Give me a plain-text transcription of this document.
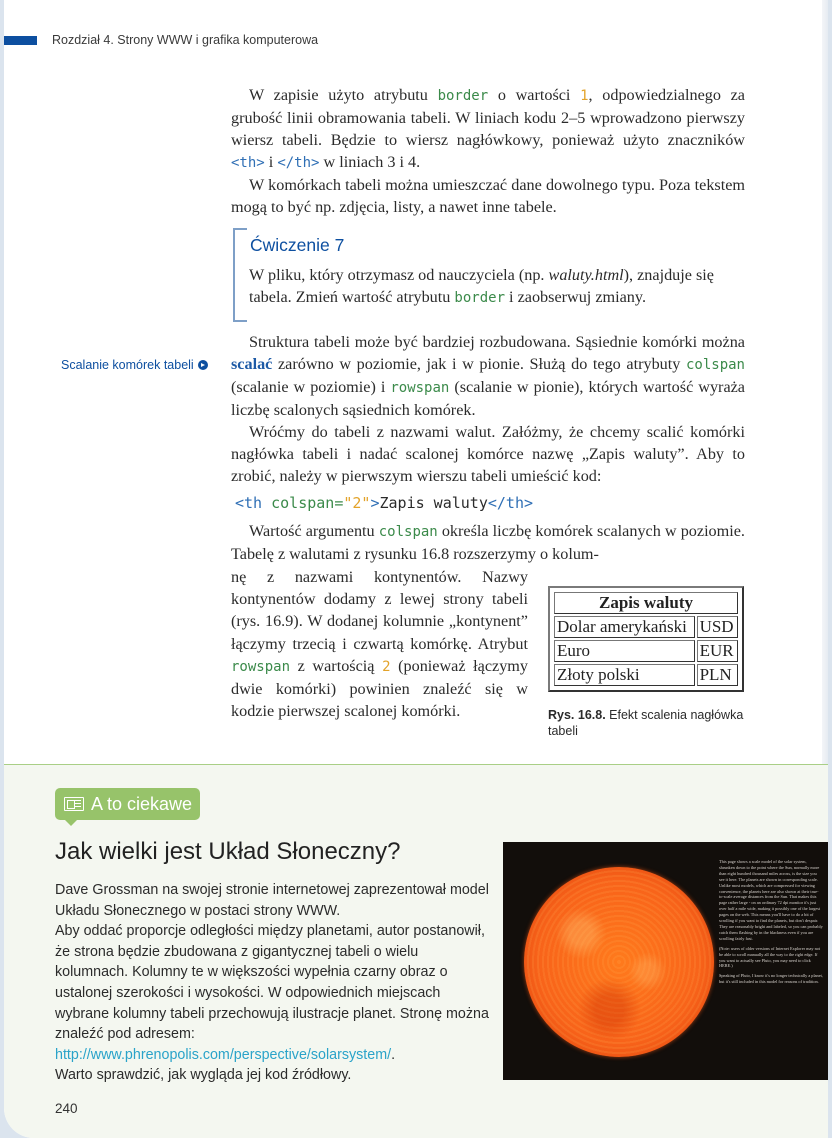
Rozdział 4. Strony WWW i grafika komputerowa

W zapisie użyto atrybutu border o wartości 1, odpowiedzialnego za grubość linii obramowania tabeli. W liniach kodu 2–5 wprowadzono pierwszy wiersz tabeli. Będzie to wiersz nagłówkowy, ponieważ użyto znaczników <th> i </th> w liniach 3 i 4.

W komórkach tabeli można umieszczać dane dowolnego typu. Poza tekstem mogą to być np. zdjęcia, listy, a nawet inne tabele.

Ćwiczenie 7
W pliku, który otrzymasz od nauczyciela (np. waluty.html), znajduje się tabela. Zmień wartość atrybutu border i zaobserwuj zmiany.
Scalanie komórek tabeli

Struktura tabeli może być bardziej rozbudowana. Sąsiednie komórki można scalać zarówno w poziomie, jak i w pionie. Służą do tego atrybuty colspan (scalanie w poziomie) i rowspan (scalanie w pionie), których wartość wyraża liczbę scalonych sąsiednich komórek.

Wróćmy do tabeli z nazwami walut. Załóżmy, że chcemy scalić komórki nagłówka tabeli i nadać scalonej komórce nazwę „Zapis waluty”. Aby to zrobić, należy w pierwszym wierszu tabeli umieścić kod:

<th colspan="2">Zapis waluty</th>

Wartość argumentu colspan określa liczbę komórek scalanych w poziomie. Tabelę z walutami z rysunku 16.8 rozszerzymy o kolum-

nę z nazwami kontynentów. Nazwy kontynentów dodamy z lewej strony tabeli (rys. 16.9). W dodanej kolumnie „kontynent” łączymy trzecią i czwartą komórkę. Atrybut rowspan z wartością 2 (ponieważ łączymy dwie komórki) powinien znaleźć się w kodzie pierwszej scalonej komórki.
Zapis waluty	
Dolar amerykański	USD
Euro	EUR
Złoty polski	PLN
Rys. 16.8. Efekt scalenia nagłówka tabeli
A to ciekawe
Jak wielki jest Układ Słoneczny?
Dave Grossman na swojej stronie internetowej zaprezentował model Układu Słonecznego w postaci strony WWW.
Aby oddać proporcje odległości między planetami, autor postanowił, że strona będzie zbudowana z gigantycznej tabeli o wielu kolumnach. Kolumny te w większości wypełnia czarny obraz o ustalonej szerokości i wysokości. W odpowiednich miejscach wybrane kolumny tabeli przechowują ilustracje planet. Stronę można znaleźć pod adresem:
http://www.phrenopolis.com/perspective/solarsystem/.
Warto sprawdzić, jak wygląda jej kod źródłowy.

This page shows a scale model of the solar system, shrunken down to the point where the Sun, normally more than eight hundred thousand miles across, is the size you see it here. The planets are shown in corresponding scale. Unlike most models, which are compressed for viewing convenience, the planets here are also shown at their true-to-scale average distances from the Sun. That makes this page rather large - on an ordinary 72 dpi monitor it's just over half a mile wide, making it possibly one of the largest pages on the web. This means you'll have to do a bit of scrolling if you want to find the planets, but don't despair. They are reasonably bright and labeled, so you can probably catch them flashing by in the blackness even if you are scrolling fairly fast.

(Note: users of older versions of Internet Explorer may not be able to scroll manually all the way to the right edge. If you want to actually see Pluto, you may need to click HERE.)

Speaking of Pluto, I know it's no longer technically a planet, but it's still included in this model for reasons of tradition.

240
